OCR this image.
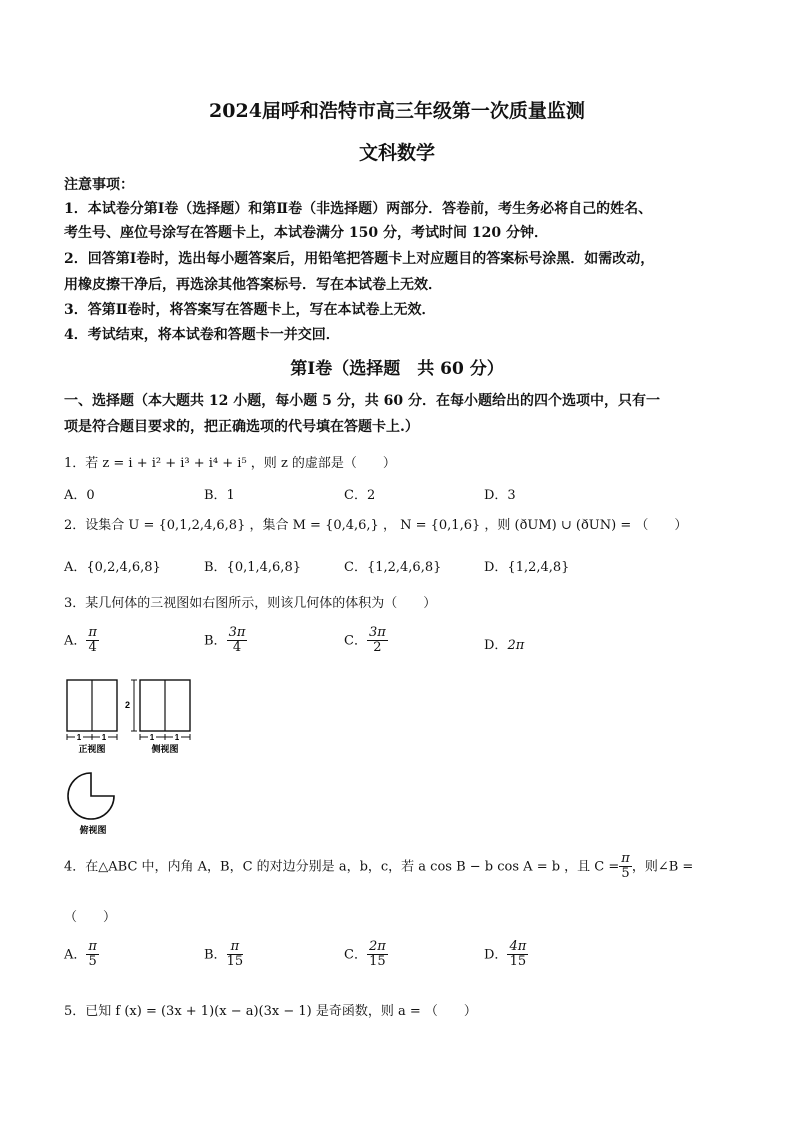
2024届呼和浩特市高三年级第一次质量监测
文科数学
注意事项：
1．本试卷分第Ⅰ卷（选择题）和第Ⅱ卷（非选择题）两部分．答卷前，考生务必将自己的姓名、
考生号、座位号涂写在答题卡上，本试卷满分 150 分，考试时间 120 分钟．
2．回答第Ⅰ卷时，选出每小题答案后，用铅笔把答题卡上对应题目的答案标号涂黑．如需改动，
用橡皮擦干净后，再选涂其他答案标号．写在本试卷上无效．
3．答第Ⅱ卷时，将答案写在答题卡上，写在本试卷上无效．
4．考试结束，将本试卷和答题卡一并交回．
第Ⅰ卷（选择题　共 60 分）
一、选择题（本大题共 12 小题，每小题 5 分，共 60 分．在每小题给出的四个选项中，只有一
项是符合题目要求的，把正确选项的代号填在答题卡上.）
1．若 z = i + i² + i³ + i⁴ + i⁵ ，则 z 的虚部是（　　）
A．0	B．1	C．2	D．3
2．设集合 U = {0,1,2,4,6,8} ，集合 M = {0,4,6,} ， N = {0,1,6} ，则 (ðUM) ∪ (ðUN) = （　　）
A．{0,2,4,6,8}	B．{0,1,4,6,8}	C．{1,2,4,6,8}	D．{1,2,4,8}
3．某几何体的三视图如右图所示，则该几何体的体积为（　　）
A． $\frac{\pi}{4}$	B． $\frac{3\pi}{4}$	C． $\frac{3\pi}{2}$	D．2π
1	1
正视图
2
1	1
侧视图
俯视图
4．在△ABC 中，内角 A，B，C 的对边分别是 a，b，c，若 a cos B − b cos A = b ，且 $C = \frac{\pi}{5}$ ，则∠B =
（　　）
A． $\frac{\pi}{5}$	B． $\frac{\pi}{15}$	C． $\frac{2\pi}{15}$	D． $\frac{4\pi}{15}$
5．已知 f (x) = (3x + 1)(x − a)(3x − 1) 是奇函数，则 a = （　　）
